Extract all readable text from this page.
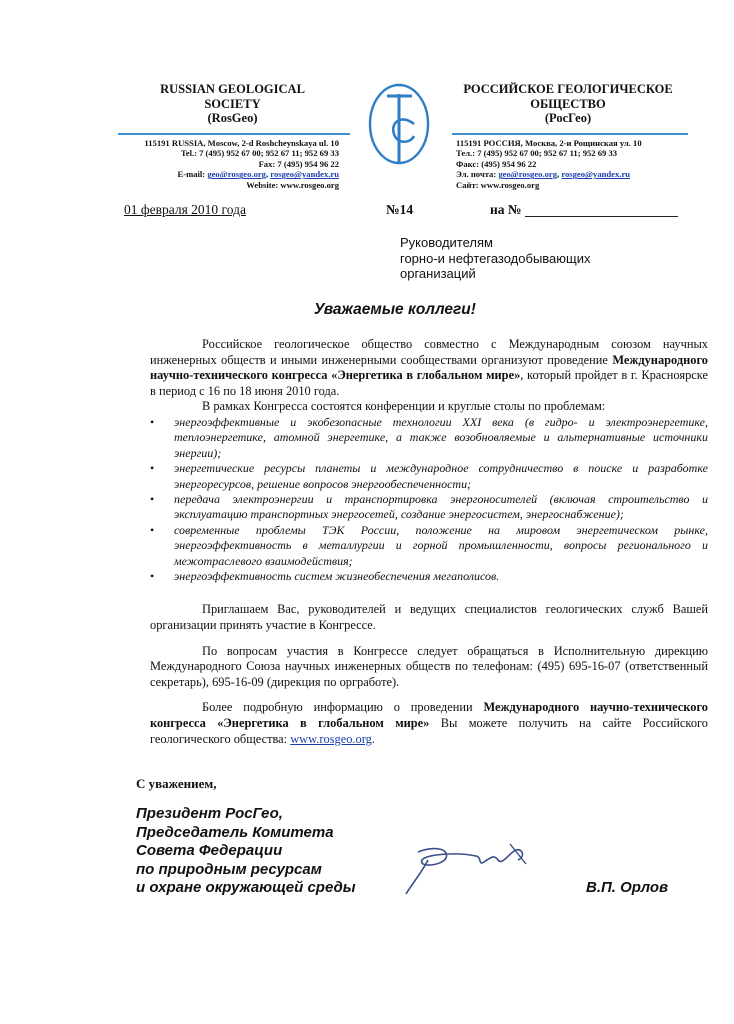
RUSSIAN GEOLOGICAL
SOCIETY
(RosGeo)
РОССИЙСКОЕ ГЕОЛОГИЧЕСКОЕ
ОБЩЕСТВО
(РосГео)
115191 RUSSIA, Moscow, 2-d Roshcheynskaya ul. 10
Tel.: 7 (495) 952 67 00; 952 67 11; 952 69 33
Fax: 7 (495) 954 96 22
E-mail: geo@rosgeo.org, rosgeo@yandex.ru
Website: www.rosgeo.org
115191 РОССИЯ, Москва, 2-и Рощинская ул. 10
Тел.: 7 (495) 952 67 00; 952 67 11; 952 69 33
Факс: (495) 954 96 22
Эл. почта: geo@rosgeo.org, rosgeo@yandex.ru
Сайт: www.rosgeo.org
01 февраля 2010 года	№14	на №
Руководителям
горно-и нефтегазодобывающих
организаций
Уважаемые коллеги!

Российское геологическое общество совместно с Международным союзом научных инженерных обществ и иными инженерными сообществами организуют проведение Международного научно-технического конгресса «Энергетика в глобальном мире», который пройдет в г. Красноярске в период с 16 по 18 июня 2010 года.

В рамках Конгресса состоятся конференции и круглые столы по проблемам:

• энергоэффективные и экобезопасные технологии XXI века (в гидро- и электроэнергетике, теплоэнергетике, атомной энергетике, а также возобновляемые и альтернативные источники энергии);
• энергетические ресурсы планеты и международное сотрудничество в поиске и разработке энергоресурсов, решение вопросов энергообеспеченности;
• передача электроэнергии и транспортировка энергоносителей (включая строительство и эксплуатацию транспортных энергосетей, создание энергосистем, энергоснабжение);
• современные проблемы ТЭК России, положение на мировом энергетическом рынке, энергоэффективность в металлургии и горной промышленности, вопросы регионального и межотраслевого взаимодействия;
• энергоэффективность систем жизнеобеспечения мегаполисов.

Приглашаем Вас, руководителей и ведущих специалистов геологических служб Вашей организации принять участие в Конгрессе.

По вопросам участия в Конгрессе следует обращаться в Исполнительную дирекцию Международного Союза научных инженерных обществ по телефонам: (495) 695-16-07 (ответственный секретарь), 695-16-09 (дирекция по оргработе).

Более подробную информацию о проведении Международного научно-технического конгресса «Энергетика в глобальном мире» Вы можете получить на сайте Российского геологического общества: www.rosgeo.org.

С уважением,
Президент РосГео,
Председатель Комитета
Совета Федерации
по природным ресурсам
и охране окружающей среды	В.П. Орлов
